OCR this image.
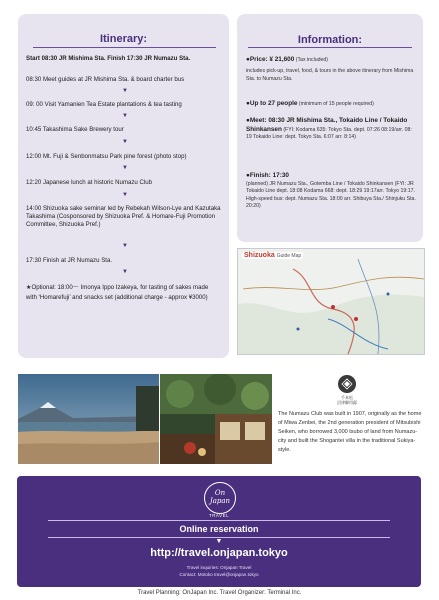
Itinerary:
Start 08:30 JR Mishima Sta. Finish 17:30 JR Numazu Sta.
08:30 Meet guides at JR Mishima Sta. & board charter bus
▼
09: 00 Visit Yamanien Tea Estate plantations & tea tasting
▼
10:45 Takashima Sake Brewery tour
▼
12:00 Mt. Fuji & Senbonmatsu Park pine forest (photo stop)
▼
12:20 Japanese lunch at historic Numazu Club
▼
14:00 Shizuoka sake seminar led by Rebekah Wilson-Lye and Kazutaka Takashima (Cosponsored by Shizuoka Pref. & Homare-Fuji Promotion Committee, Shizuoka Pref.)
▼
17:30 Finish at JR Numazu Sta.
▼
★Optional: 18:00〜 Imonya Ippo Izakeya, for tasting of sakes made with ‘Homarefuji’ and snacks set (additional charge - approx ¥3000)
Information:
●Price: ¥ 21,600 (Tax included)
includes pick-up, travel, food, & tours in the above itinerary from Mishima Sta. to Numazu Sta.
●Up to 27 people (minimum of 15 people required)
●Meet: 08:30 JR Mishima Sta., Tokaido Line / Tokaido Shinkansen (FYI: Kodama 635: Tokyo Sta. dept. 07:26 08:19/arr. 08: 19 Tokaido Line: dept. Tokyo Sta. 6:07 arr. 8:14)
●Finish: 17:30
(planned) JR Numazu Sta., Gotemba Line / Tokaido Shinkansen (FYI: JR Tokaido Line dept. 18:08 Kodama 668: dept. 18:29 19:17arr. Tokyo 19:17. High-speed bus: dept. Numazu Sta. 18:00 arr. Shibuya Sta./ Shinjuku Sta. 20:20)
Shizuoka Guide Map
千本松
沼津御用邸
The Numazu Club was built in 1907, originally as the home of Miwa Zenbei, the 2nd generation president of Mitsubishi Seiken, who borrowed 3,000 tsubo of land from Numazu-city and built the Shogantei villa in the traditional Sukiya-style.
On
Japan
TRAVEL
Online reservation
▼
http://travel.onjapan.tokyo
Travel inquiries: Onjapan Travel
Contact: Motoko travel@onjapan.tokyo
Travel Planning: OnJapan Inc. Travel Organizer: Terminal Inc.
